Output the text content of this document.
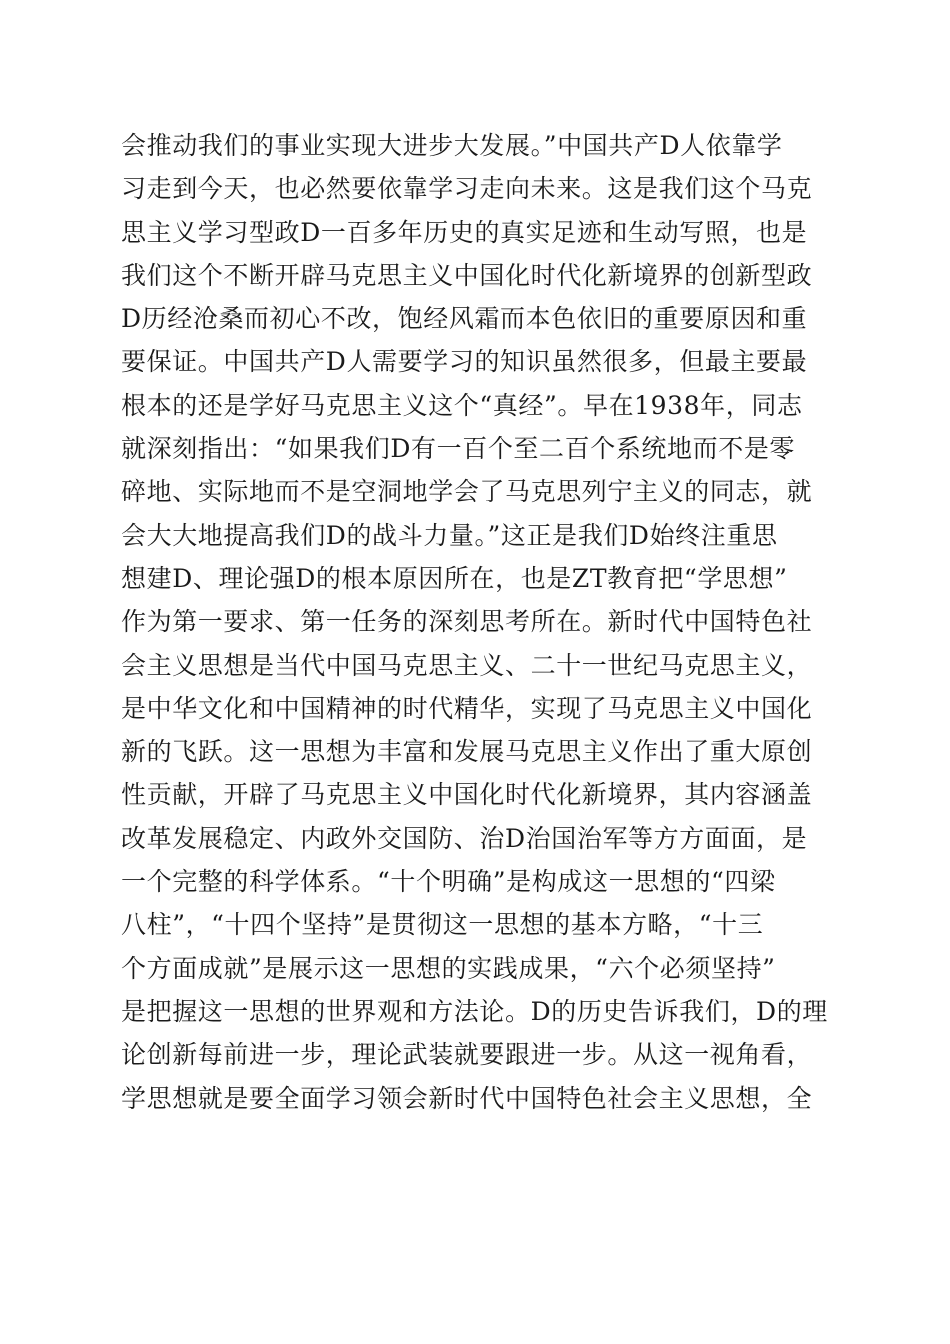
会推动我们的事业实现大进步大发展。”中国共产D人依靠学
习走到今天，也必然要依靠学习走向未来。这是我们这个马克
思主义学习型政D一百多年历史的真实足迹和生动写照，也是
我们这个不断开辟马克思主义中国化时代化新境界的创新型政
D历经沧桑而初心不改，饱经风霜而本色依旧的重要原因和重
要保证。中国共产D人需要学习的知识虽然很多，但最主要最
根本的还是学好马克思主义这个“真经”。早在1938年，同志
就深刻指出：“如果我们D有一百个至二百个系统地而不是零
碎地、实际地而不是空洞地学会了马克思列宁主义的同志，就
会大大地提高我们D的战斗力量。”这正是我们D始终注重思
想建D、理论强D的根本原因所在，也是ZT教育把“学思想”
作为第一要求、第一任务的深刻思考所在。新时代中国特色社
会主义思想是当代中国马克思主义、二十一世纪马克思主义，
是中华文化和中国精神的时代精华，实现了马克思主义中国化
新的飞跃。这一思想为丰富和发展马克思主义作出了重大原创
性贡献，开辟了马克思主义中国化时代化新境界，其内容涵盖
改革发展稳定、内政外交国防、治D治国治军等方方面面，是
一个完整的科学体系。“十个明确”是构成这一思想的“四梁
八柱”，“十四个坚持”是贯彻这一思想的基本方略，“十三
个方面成就”是展示这一思想的实践成果，“六个必须坚持”
是把握这一思想的世界观和方法论。D的历史告诉我们，D的理
论创新每前进一步，理论武装就要跟进一步。从这一视角看，
学思想就是要全面学习领会新时代中国特色社会主义思想，全
